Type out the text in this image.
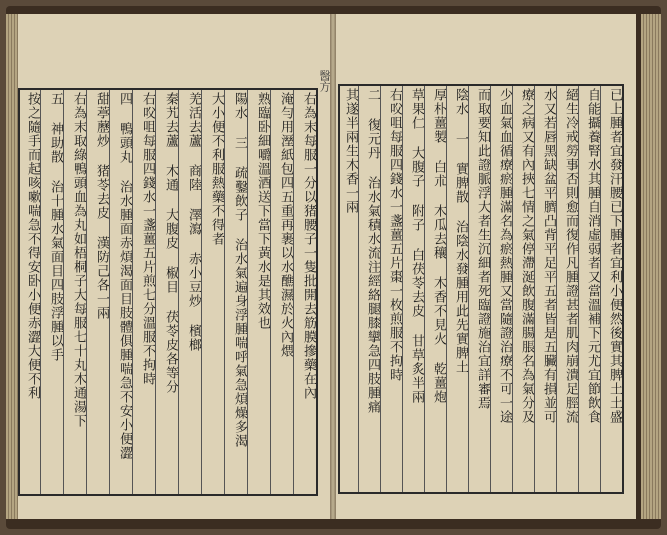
已上腫者宜發汗腰已下腫者宜利小便然後實其脾土土盛
自能攝養腎水其腫自消虛弱者又當溫補下元尤宜節飲食
絕生冷戒勞事否則愈而復作凡腫證甚者肌肉崩潰足脛流
水又若唇黑缺盆平臍凸背平足平五者皆是五臟有損並可
療之病又有內挾七情之氣停滯涎飲腹滿腸脹名為氣分及
少血氣血循療瘀腫滿名為瘀熱腫又當隨證治療不可一途
而取要知此證脈浮大者生沉細者死臨證施治宜詳審焉
陰水 一 實脾散 治陰水發腫用此先實脾土
厚朴薑製 白朮 木瓜去穰 木香不見火 乾薑炮
草果仁 大腹子 附子 白茯苓去皮 甘草炙半兩
右㕮咀每服四錢水一盞薑五片棗一枚煎服不拘時
二 復元丹 治水氣積水流注經絡腿膝攣急四肢腫痛
其遂半兩生木香一兩
右為末每服一分以猪腰子一隻批開去筋膜摻藥在內
淹勻用溼紙包四五重再裹以水醮濕於火內煨
熟臨卧細嚼溫酒送下當下黃水是其效也
陽水 三 疏鑿飲子 治水氣遍身浮腫喘呼氣急煩燥多渴
大小便不利服熱藥不得者
羌活去蘆 商陸 澤瀉 赤小豆炒 檳榔
秦艽去蘆 木通 大腹皮 椒目 茯苓皮各等分
右㕮咀每服四錢水一盞薑五片煎七分溫服不拘時
四 鴨頭丸 治水腫面赤煩渴面目肢體俱腫喘急不安小便澀
甜葶藶炒 猪苓去皮 漢防己各一兩
右為末取綠鴨頭血為丸如梧桐子大每服七十丸木通湯下
五 神助散 治十腫水氣面目四肢浮腫以手
按之隨手而起咳嗽喘急不得安卧小便赤澀大便不利
醫方
